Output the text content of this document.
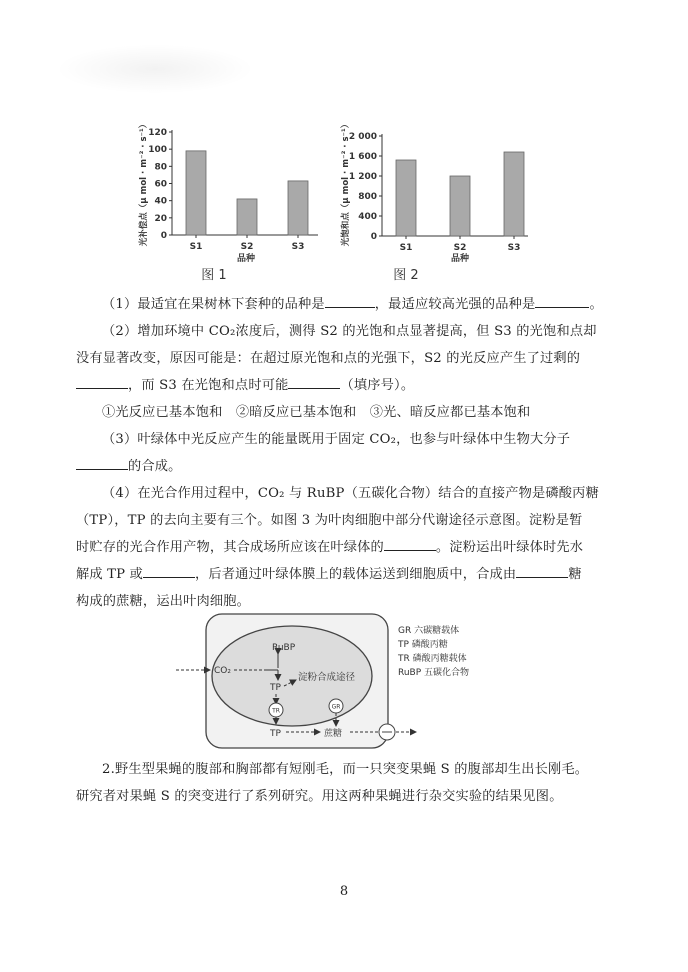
光补偿点（μ mol · m⁻² · s⁻¹） 0
20
40
60
80
100
120
S1	S2	S3
品种
图 1
光饱和点（μ mol · m⁻² · s⁻¹） 0
400
800
1 200
1 600
2 000
S1	S2	S3
品种
图 2
（1）最适宜在果树林下套种的品种是	，最适应较高光强的品种是	。
（2）增加环境中 CO₂浓度后，测得 S2 的光饱和点显著提高，但 S3 的光饱和点却
没有显著改变，原因可能是：在超过原光饱和点的光强下，S2 的光反应产生了过剩的
，而 S3 在光饱和点时可能	（填序号）。
①光反应已基本饱和　②暗反应已基本饱和　③光、暗反应都已基本饱和
（3）叶绿体中光反应产生的能量既用于固定 CO₂，也参与叶绿体中生物大分子
的合成。
（4）在光合作用过程中，CO₂ 与 RuBP（五碳化合物）结合的直接产物是磷酸丙糖
（TP），TP 的去向主要有三个。如图 3 为叶肉细胞中部分代谢途径示意图。淀粉是暂
时贮存的光合作用产物，其合成场所应该在叶绿体的	。淀粉运出叶绿体时先水
解成 TP 或	，后者通过叶绿体膜上的载体运送到细胞质中，合成由	糖
构成的蔗糖，运出叶肉细胞。
GR 六碳糖载体
TP 磷酸丙糖
TR 磷酸丙糖载体
RuBP 五碳化合物
CO₂
RuBP
TP
淀粉合成途径
TR
GR
TP	蔗糖
2.野生型果蝇的腹部和胸部都有短刚毛，而一只突变果蝇 S 的腹部却生出长刚毛。
研究者对果蝇 S 的突变进行了系列研究。用这两种果蝇进行杂交实验的结果见图。
8
